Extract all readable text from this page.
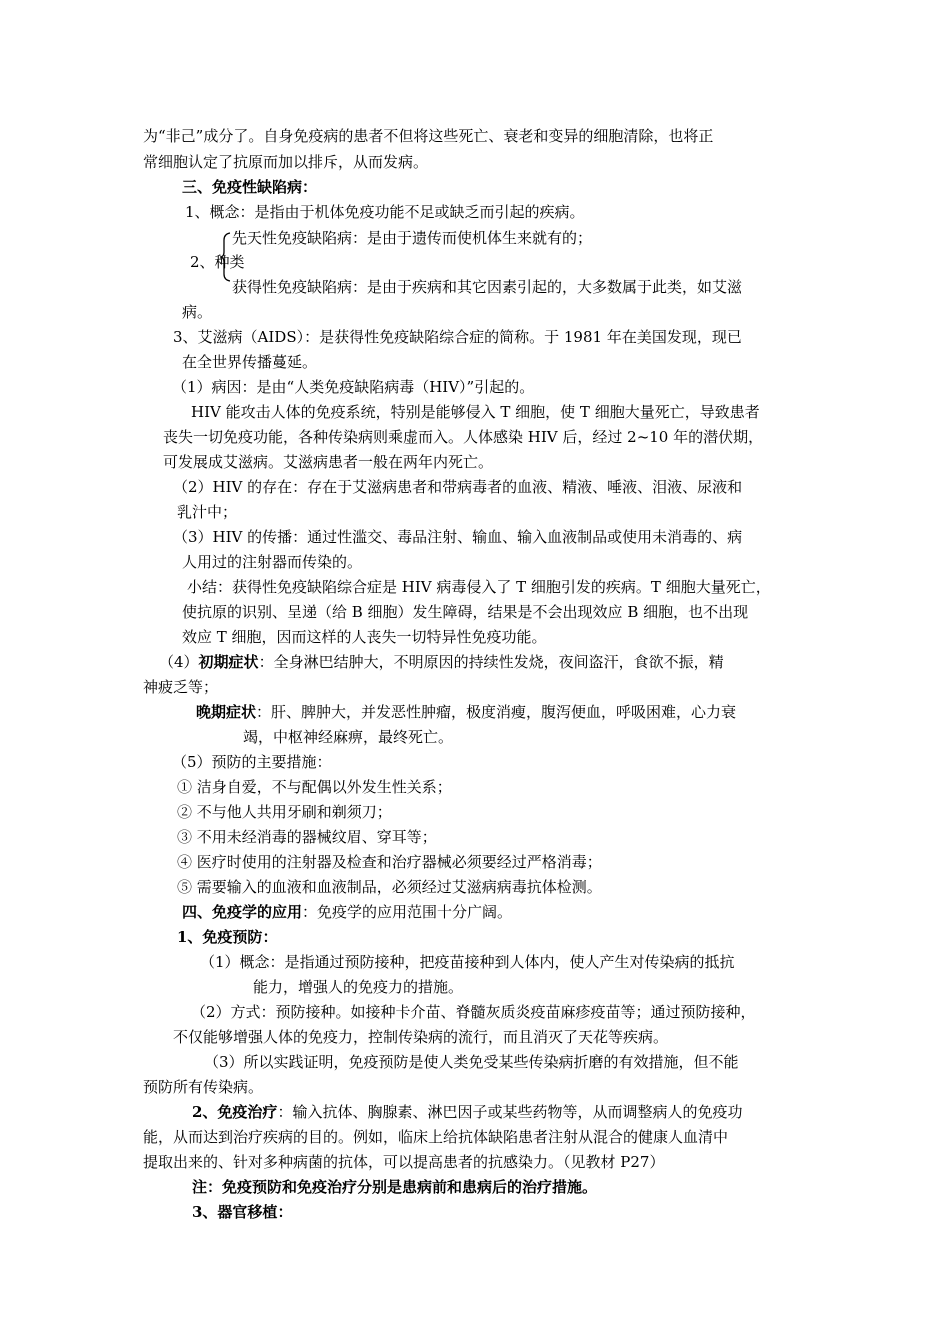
为“非己”成分了。自身免疫病的患者不但将这些死亡、衰老和变异的细胞清除，也将正
常细胞认定了抗原而加以排斥，从而发病。
三、免疫性缺陷病：
1、概念：是指由于机体免疫功能不足或缺乏而引起的疾病。
先天性免疫缺陷病：是由于遗传而使机体生来就有的；
2、种类
获得性免疫缺陷病：是由于疾病和其它因素引起的，大多数属于此类，如艾滋
病。
3、艾滋病（AIDS）：是获得性免疫缺陷综合症的简称。于 1981 年在美国发现，现已
在全世界传播蔓延。
（1）病因：是由“人类免疫缺陷病毒（HIV）”引起的。
HIV 能攻击人体的免疫系统，特别是能够侵入 T 细胞，使 T 细胞大量死亡，导致患者
丧失一切免疫功能，各种传染病则乘虚而入。人体感染 HIV 后，经过 2~10 年的潜伏期，
可发展成艾滋病。艾滋病患者一般在两年内死亡。
（2）HIV 的存在：存在于艾滋病患者和带病毒者的血液、精液、唾液、泪液、尿液和
乳汁中；
（3）HIV 的传播：通过性滥交、毒品注射、输血、输入血液制品或使用未消毒的、病
人用过的注射器而传染的。
小结：获得性免疫缺陷综合症是 HIV 病毒侵入了 T 细胞引发的疾病。T 细胞大量死亡，
使抗原的识别、呈递（给 B 细胞）发生障碍，结果是不会出现效应 B 细胞，也不出现
效应 T 细胞，因而这样的人丧失一切特异性免疫功能。
（4）初期症状：全身淋巴结肿大，不明原因的持续性发烧，夜间盗汗，食欲不振，精
神疲乏等；
晚期症状：肝、脾肿大，并发恶性肿瘤，极度消瘦，腹泻便血，呼吸困难，心力衰
竭，中枢神经麻痹，最终死亡。
（5）预防的主要措施：
① 洁身自爱，不与配偶以外发生性关系；
② 不与他人共用牙刷和剃须刀；
③ 不用未经消毒的器械纹眉、穿耳等；
④ 医疗时使用的注射器及检查和治疗器械必须要经过严格消毒；
⑤ 需要输入的血液和血液制品，必须经过艾滋病病毒抗体检测。
四、免疫学的应用：免疫学的应用范围十分广阔。
1、免疫预防：
（1）概念：是指通过预防接种，把疫苗接种到人体内，使人产生对传染病的抵抗
能力，增强人的免疫力的措施。
（2）方式：预防接种。如接种卡介苗、脊髓灰质炎疫苗麻疹疫苗等；通过预防接种，
不仅能够增强人体的免疫力，控制传染病的流行，而且消灭了天花等疾病。
（3）所以实践证明，免疫预防是使人类免受某些传染病折磨的有效措施，但不能
预防所有传染病。
2、免疫治疗：输入抗体、胸腺素、淋巴因子或某些药物等，从而调整病人的免疫功
能，从而达到治疗疾病的目的。例如，临床上给抗体缺陷患者注射从混合的健康人血清中
提取出来的、针对多种病菌的抗体，可以提高患者的抗感染力。（见教材 P27）
注：免疫预防和免疫治疗分别是患病前和患病后的治疗措施。
3、器官移植：
